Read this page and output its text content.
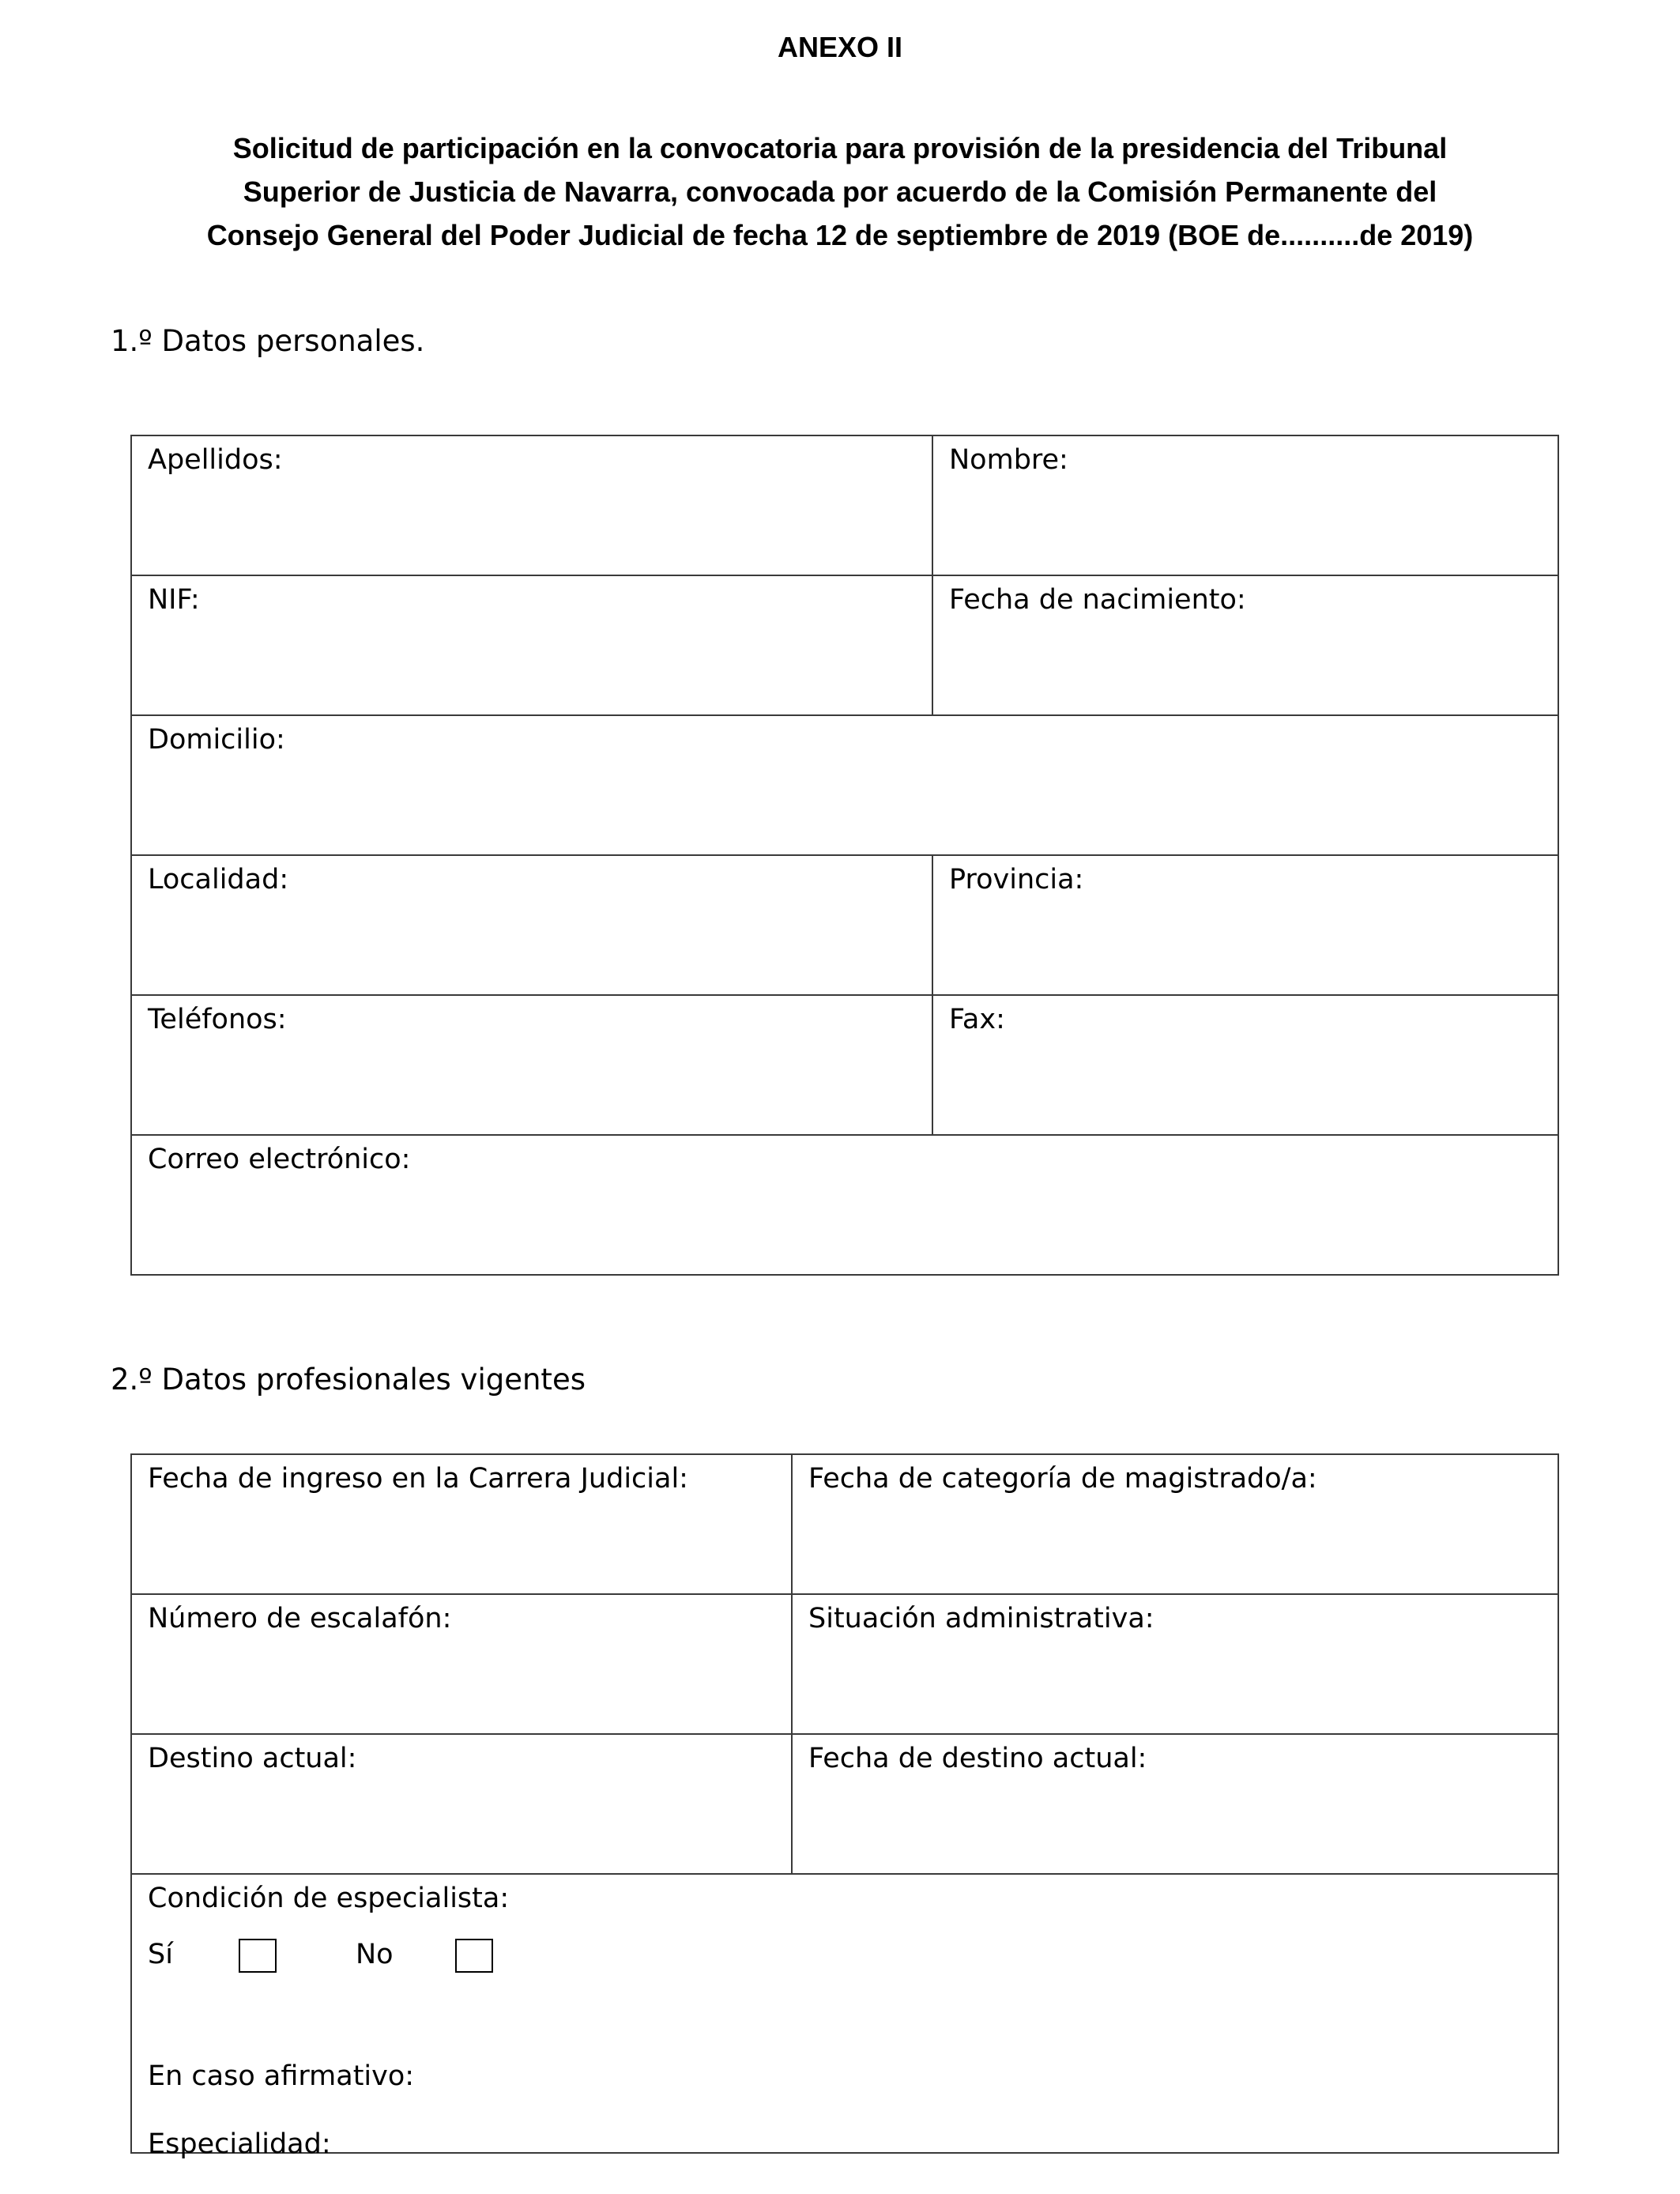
ANEXO II
Solicitud de participación en la convocatoria para provisión de la presidencia del Tribunal
Superior de Justicia de Navarra, convocada por acuerdo de la Comisión Permanente del
Consejo General del Poder Judicial de fecha 12 de septiembre de 2019 (BOE de..........de 2019)
1.º Datos personales.
Apellidos:	Nombre:

NIF:	Fecha de nacimiento:

Domicilio:	

Localidad:	Provincia:

Teléfonos:	Fax:

Correo electrónico:	
2.º Datos profesionales vigentes
Fecha de ingreso en la Carrera Judicial:	Fecha de categoría de magistrado/a:

Número de escalafón:	Situación administrativa:

Destino actual:	Fecha de destino actual:

Condición de especialista:
Sí No
En caso afirmativo:
Especialidad:	
